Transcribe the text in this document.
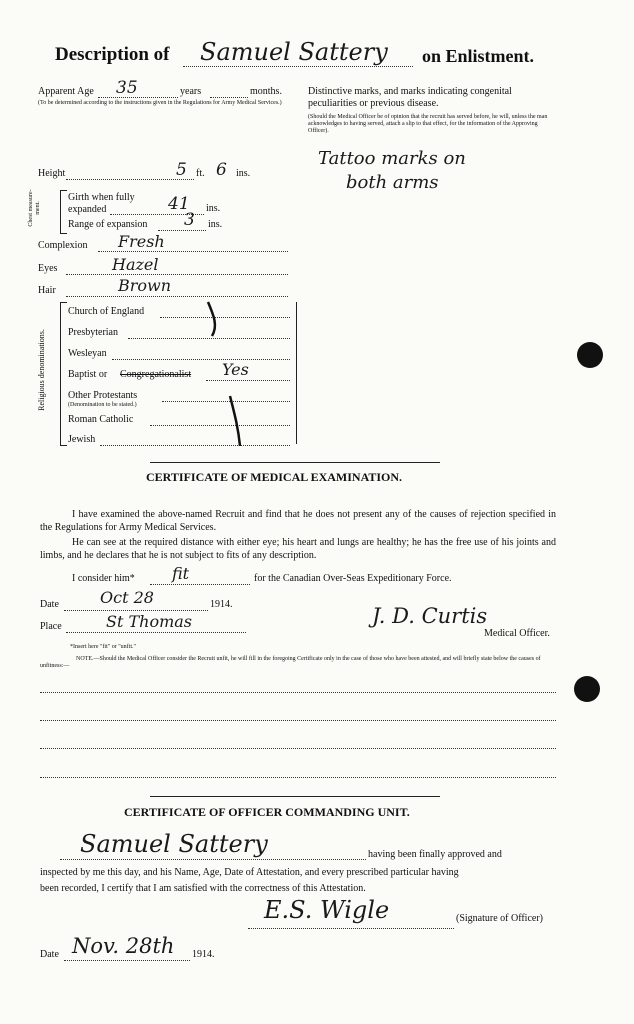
Description of Samuel Sattery on Enlistment.
Apparent Age 35	years	months.
(To be determined according to the instructions given in the Regulations for Army Medical Services.)
Height	5 ft. 6 ins.
Chest measure-ment.
Girth when fully expanded	41 ins.
Range of expansion 3 ins.
Complexion Fresh
Eyes	Hazel
Hair	Brown
Religious denominations.
Church of England
Presbyterian
Wesleyan
Baptist or Congregationalist Yes
Other Protestants
(Denomination to be stated.)
Roman Catholic
Jewish
Distinctive marks, and marks indicating congenital peculiarities or previous disease.
(Should the Medical Officer be of opinion that the recruit has served before, he will, unless the man acknowledges to having served, attach a slip to that effect, for the information of the Approving Officer).
Tattoo marks on
both arms
CERTIFICATE OF MEDICAL EXAMINATION.
I have examined the above-named Recruit and find that he does not present any of the causes of rejection specified in the Regulations for Army Medical Services.
He can see at the required distance with either eye; his heart and lungs are healthy; he has the free use of his joints and limbs, and he declares that he is not subject to fits of any description.
I consider him* fit	for the Canadian Over-Seas Expeditionary Force.
Date	Oct 28	1914.
Place	St Thomas	J. D. Curtis
Medical Officer.
*Insert here "fit" or "unfit."
NOTE.—Should the Medical Officer consider the Recruit unfit, he will fill in the foregoing Certificate only in the case of those who have been attested, and will briefly state below the causes of unfitness:—
CERTIFICATE OF OFFICER COMMANDING UNIT.
Samuel Sattery	having been finally approved and
inspected by me this day, and his Name, Age, Date of Attestation, and every prescribed particular having
been recorded, I certify that I am satisfied with the correctness of this Attestation.
E.S. Wigle	(Signature of Officer)
Date Nov. 28th 1914.
